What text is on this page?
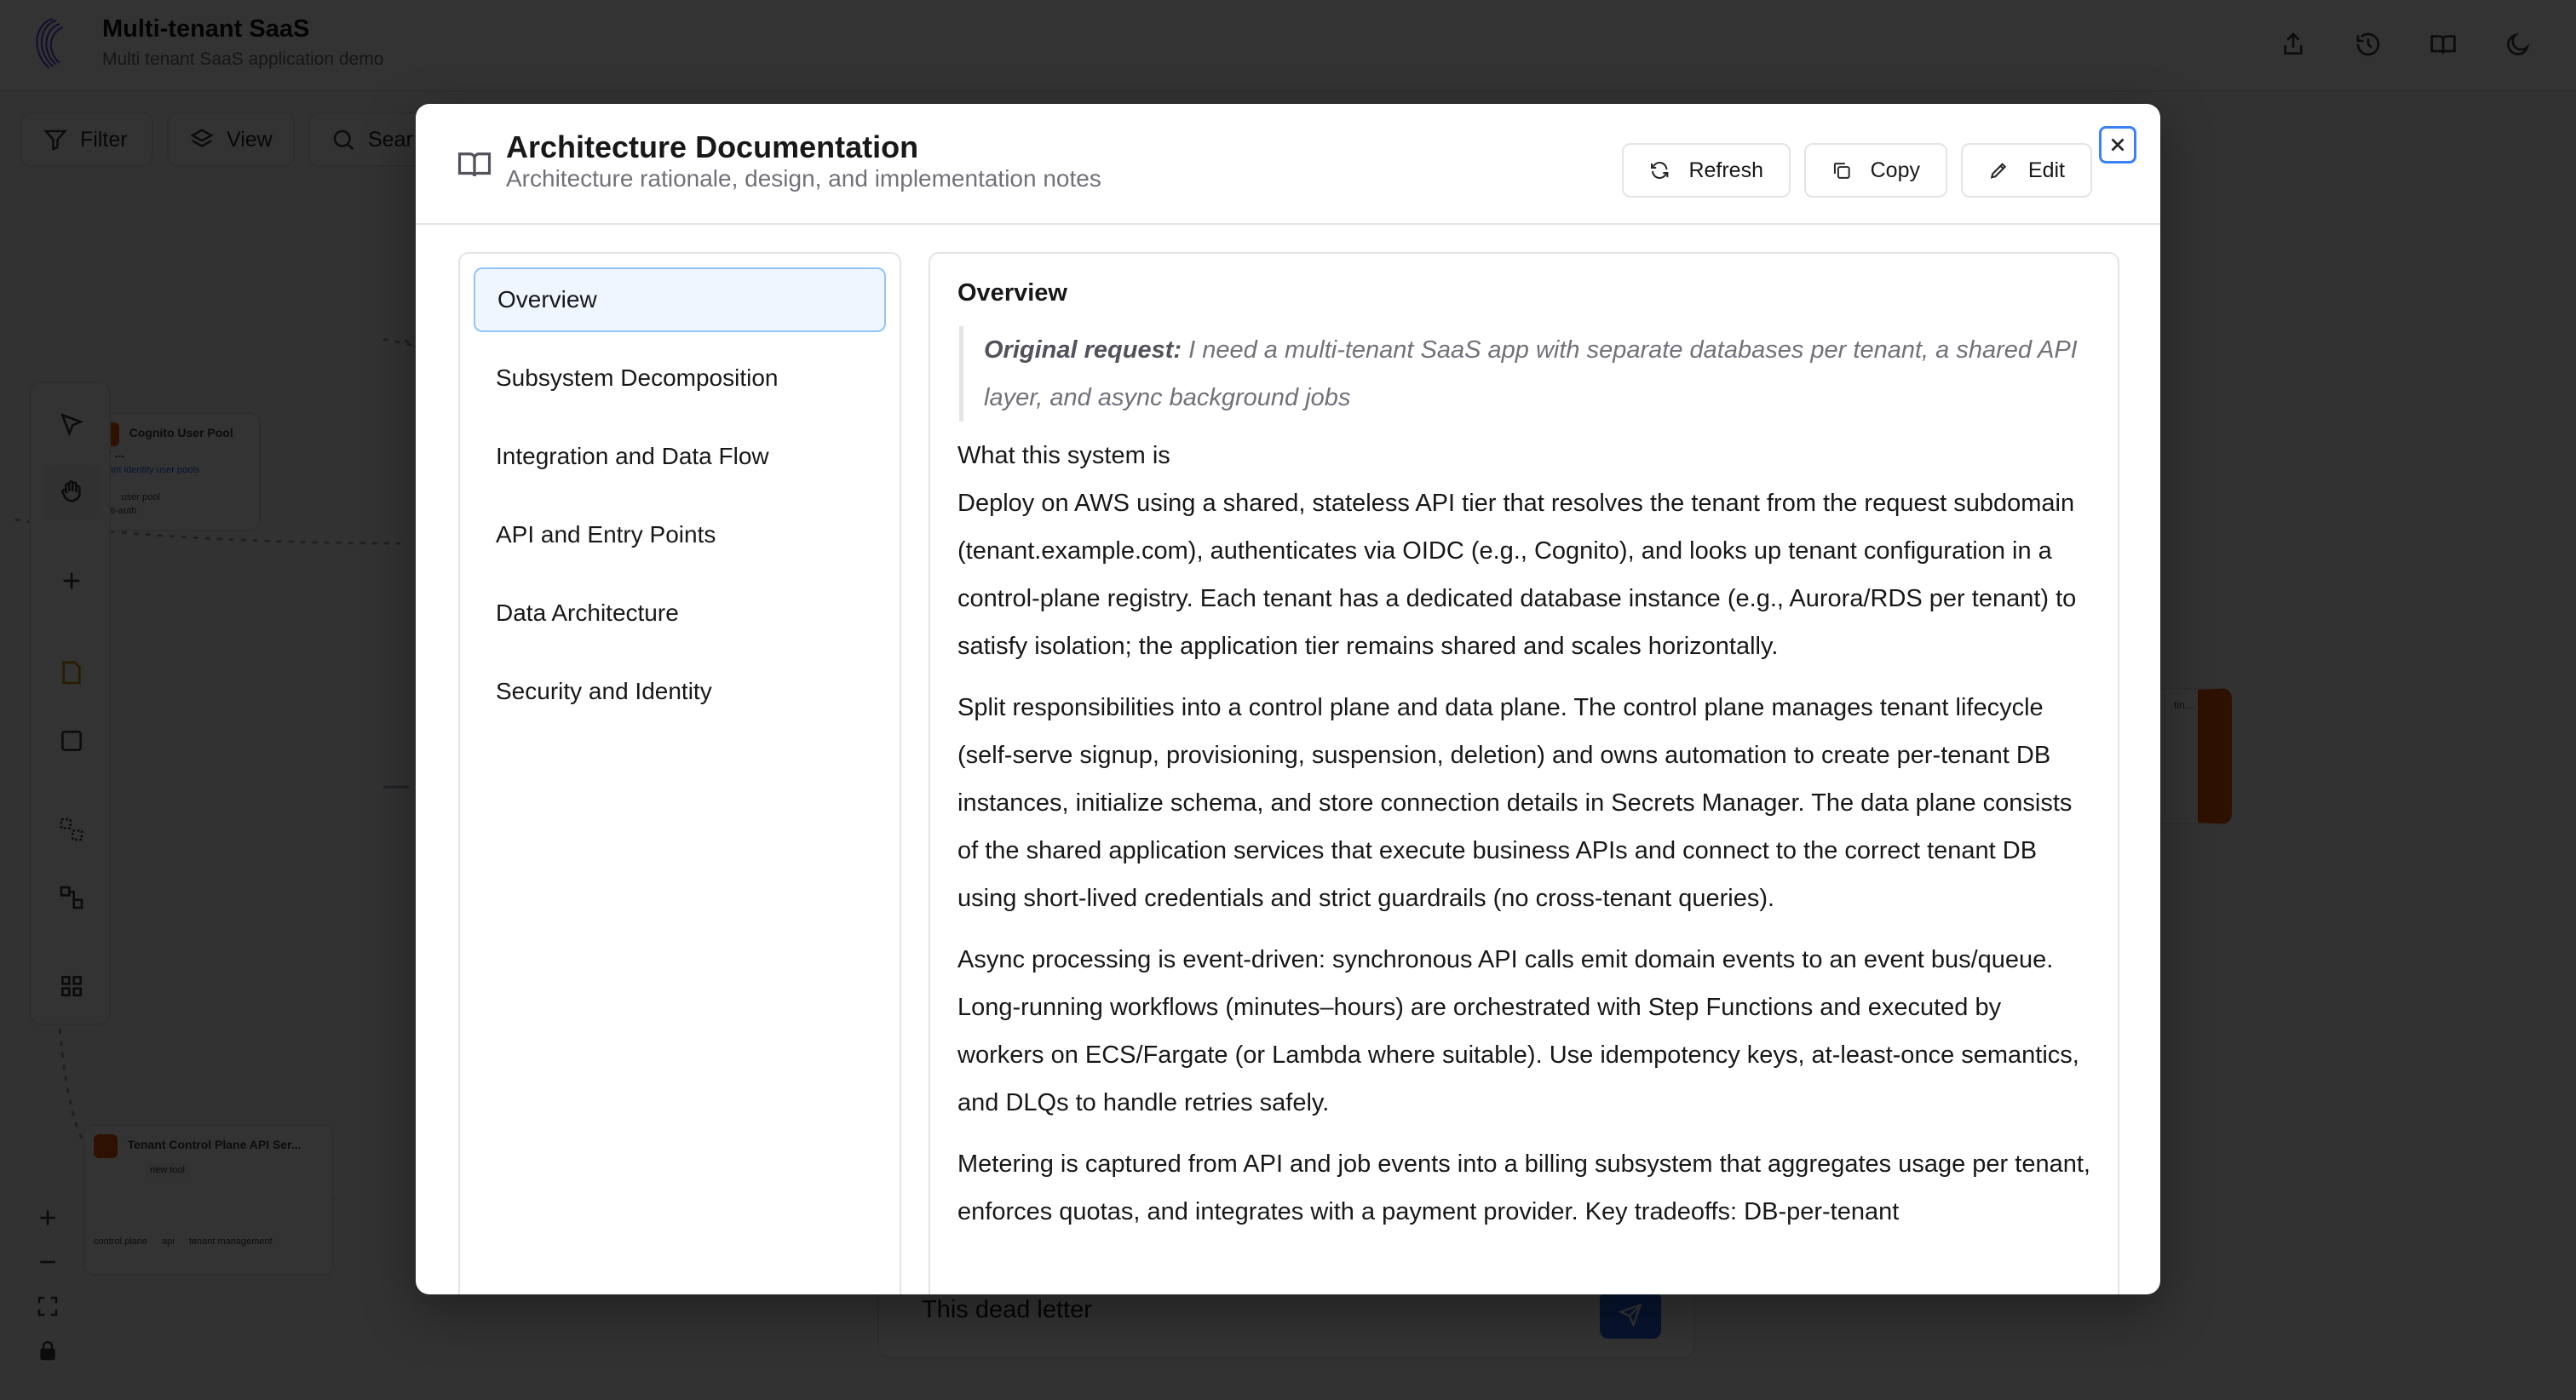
Architecture Documentation
Architecture rationale, design, and implementation notes	Refresh	Copy	Edit
Overview
Subsystem Decomposition
Integration and Data Flow
API and Entry Points
Data Architecture
Security and Identity
Overview
Original request: I need a multi-tenant SaaS app with separate databases per tenant, a shared API layer, and async background jobs

What this system is

Deploy on AWS using a shared, stateless API tier that resolves the tenant from the request subdomain (tenant.example.com), authenticates via OIDC (e.g., Cognito), and looks up tenant configuration in a control-plane registry. Each tenant has a dedicated database instance (e.g., Aurora/RDS per tenant) to satisfy isolation; the application tier remains shared and scales horizontally.

Split responsibilities into a control plane and data plane. The control plane manages tenant lifecycle (self-serve signup, provisioning, suspension, deletion) and owns automation to create per-tenant DB instances, initialize schema, and store connection details in Secrets Manager. The data plane consists of the shared application services that execute business APIs and connect to the correct tenant DB using short-lived credentials and strict guardrails (no cross-tenant queries).

Async processing is event-driven: synchronous API calls emit domain events to an event bus/queue. Long-running workflows (minutes–hours) are orchestrated with Step Functions and executed by workers on ECS/Fargate (or Lambda where suitable). Use idempotency keys, at-least-once semantics, and DLQs to handle retries safely.

Metering is captured from API and job events into a billing subsystem that aggregates usage per tenant, enforces quotas, and integrates with a payment provider. Key tradeoffs: DB-per-tenant
